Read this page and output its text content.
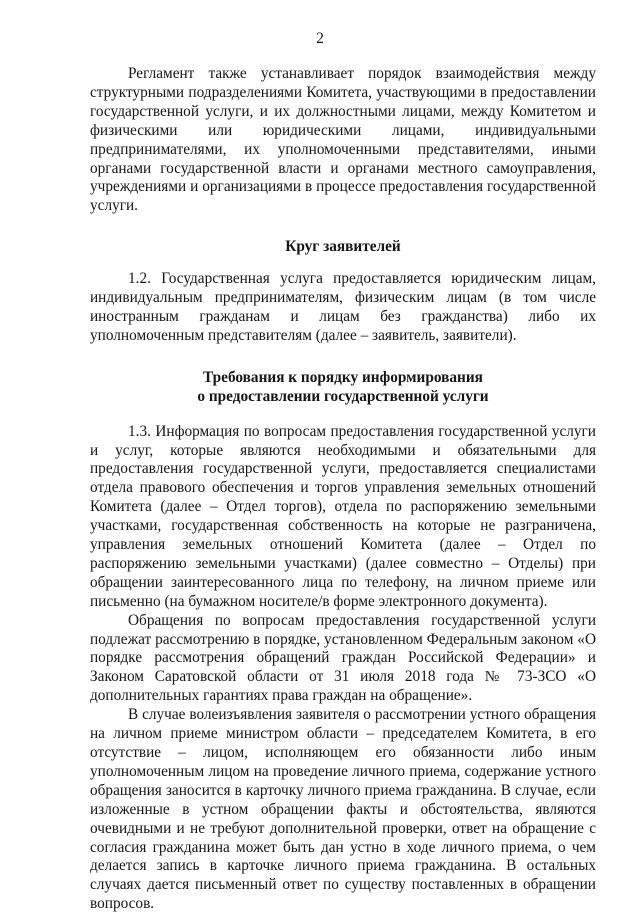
2

Регламент также устанавливает порядок взаимодействия между структурными подразделениями Комитета, участвующими в предоставлении государственной услуги, и их должностными лицами, между Комитетом и физическими или юридическими лицами, индивидуальными предпринимателями, их уполномоченными представителями, иными органами государственной власти и органами местного самоуправления, учреждениями и организациями в процессе предоставления государственной услуги.

Круг заявителей

1.2. Государственная услуга предоставляется юридическим лицам, индивидуальным предпринимателям, физическим лицам (в том числе иностранным гражданам и лицам без гражданства) либо их уполномоченным представителям (далее – заявитель, заявители).

Требования к порядку информирования
о предоставлении государственной услуги

1.3. Информация по вопросам предоставления государственной услуги и услуг, которые являются необходимыми и обязательными для предоставления государственной услуги, предоставляется специалистами отдела правового обеспечения и торгов управления земельных отношений Комитета (далее – Отдел торгов), отдела по распоряжению земельными участками, государственная собственность на которые не разграничена, управления земельных отношений Комитета (далее – Отдел по распоряжению земельными участками) (далее совместно – Отделы) при обращении заинтересованного лица по телефону, на личном приеме или письменно (на бумажном носителе/в форме электронного документа).

Обращения по вопросам предоставления государственной услуги подлежат рассмотрению в порядке, установленном Федеральным законом «О порядке рассмотрения обращений граждан Российской Федерации» и Законом Саратовской области от 31 июля 2018 года № 73-ЗСО «О дополнительных гарантиях права граждан на обращение».

В случае волеизъявления заявителя о рассмотрении устного обращения на личном приеме министром области – председателем Комитета, в его отсутствие – лицом, исполняющем его обязанности либо иным уполномоченным лицом на проведение личного приема, содержание устного обращения заносится в карточку личного приема гражданина. В случае, если изложенные в устном обращении факты и обстоятельства, являются очевидными и не требуют дополнительной проверки, ответ на обращение с согласия гражданина может быть дан устно в ходе личного приема, о чем делается запись в карточке личного приема гражданина. В остальных случаях дается письменный ответ по существу поставленных в обращении вопросов.
